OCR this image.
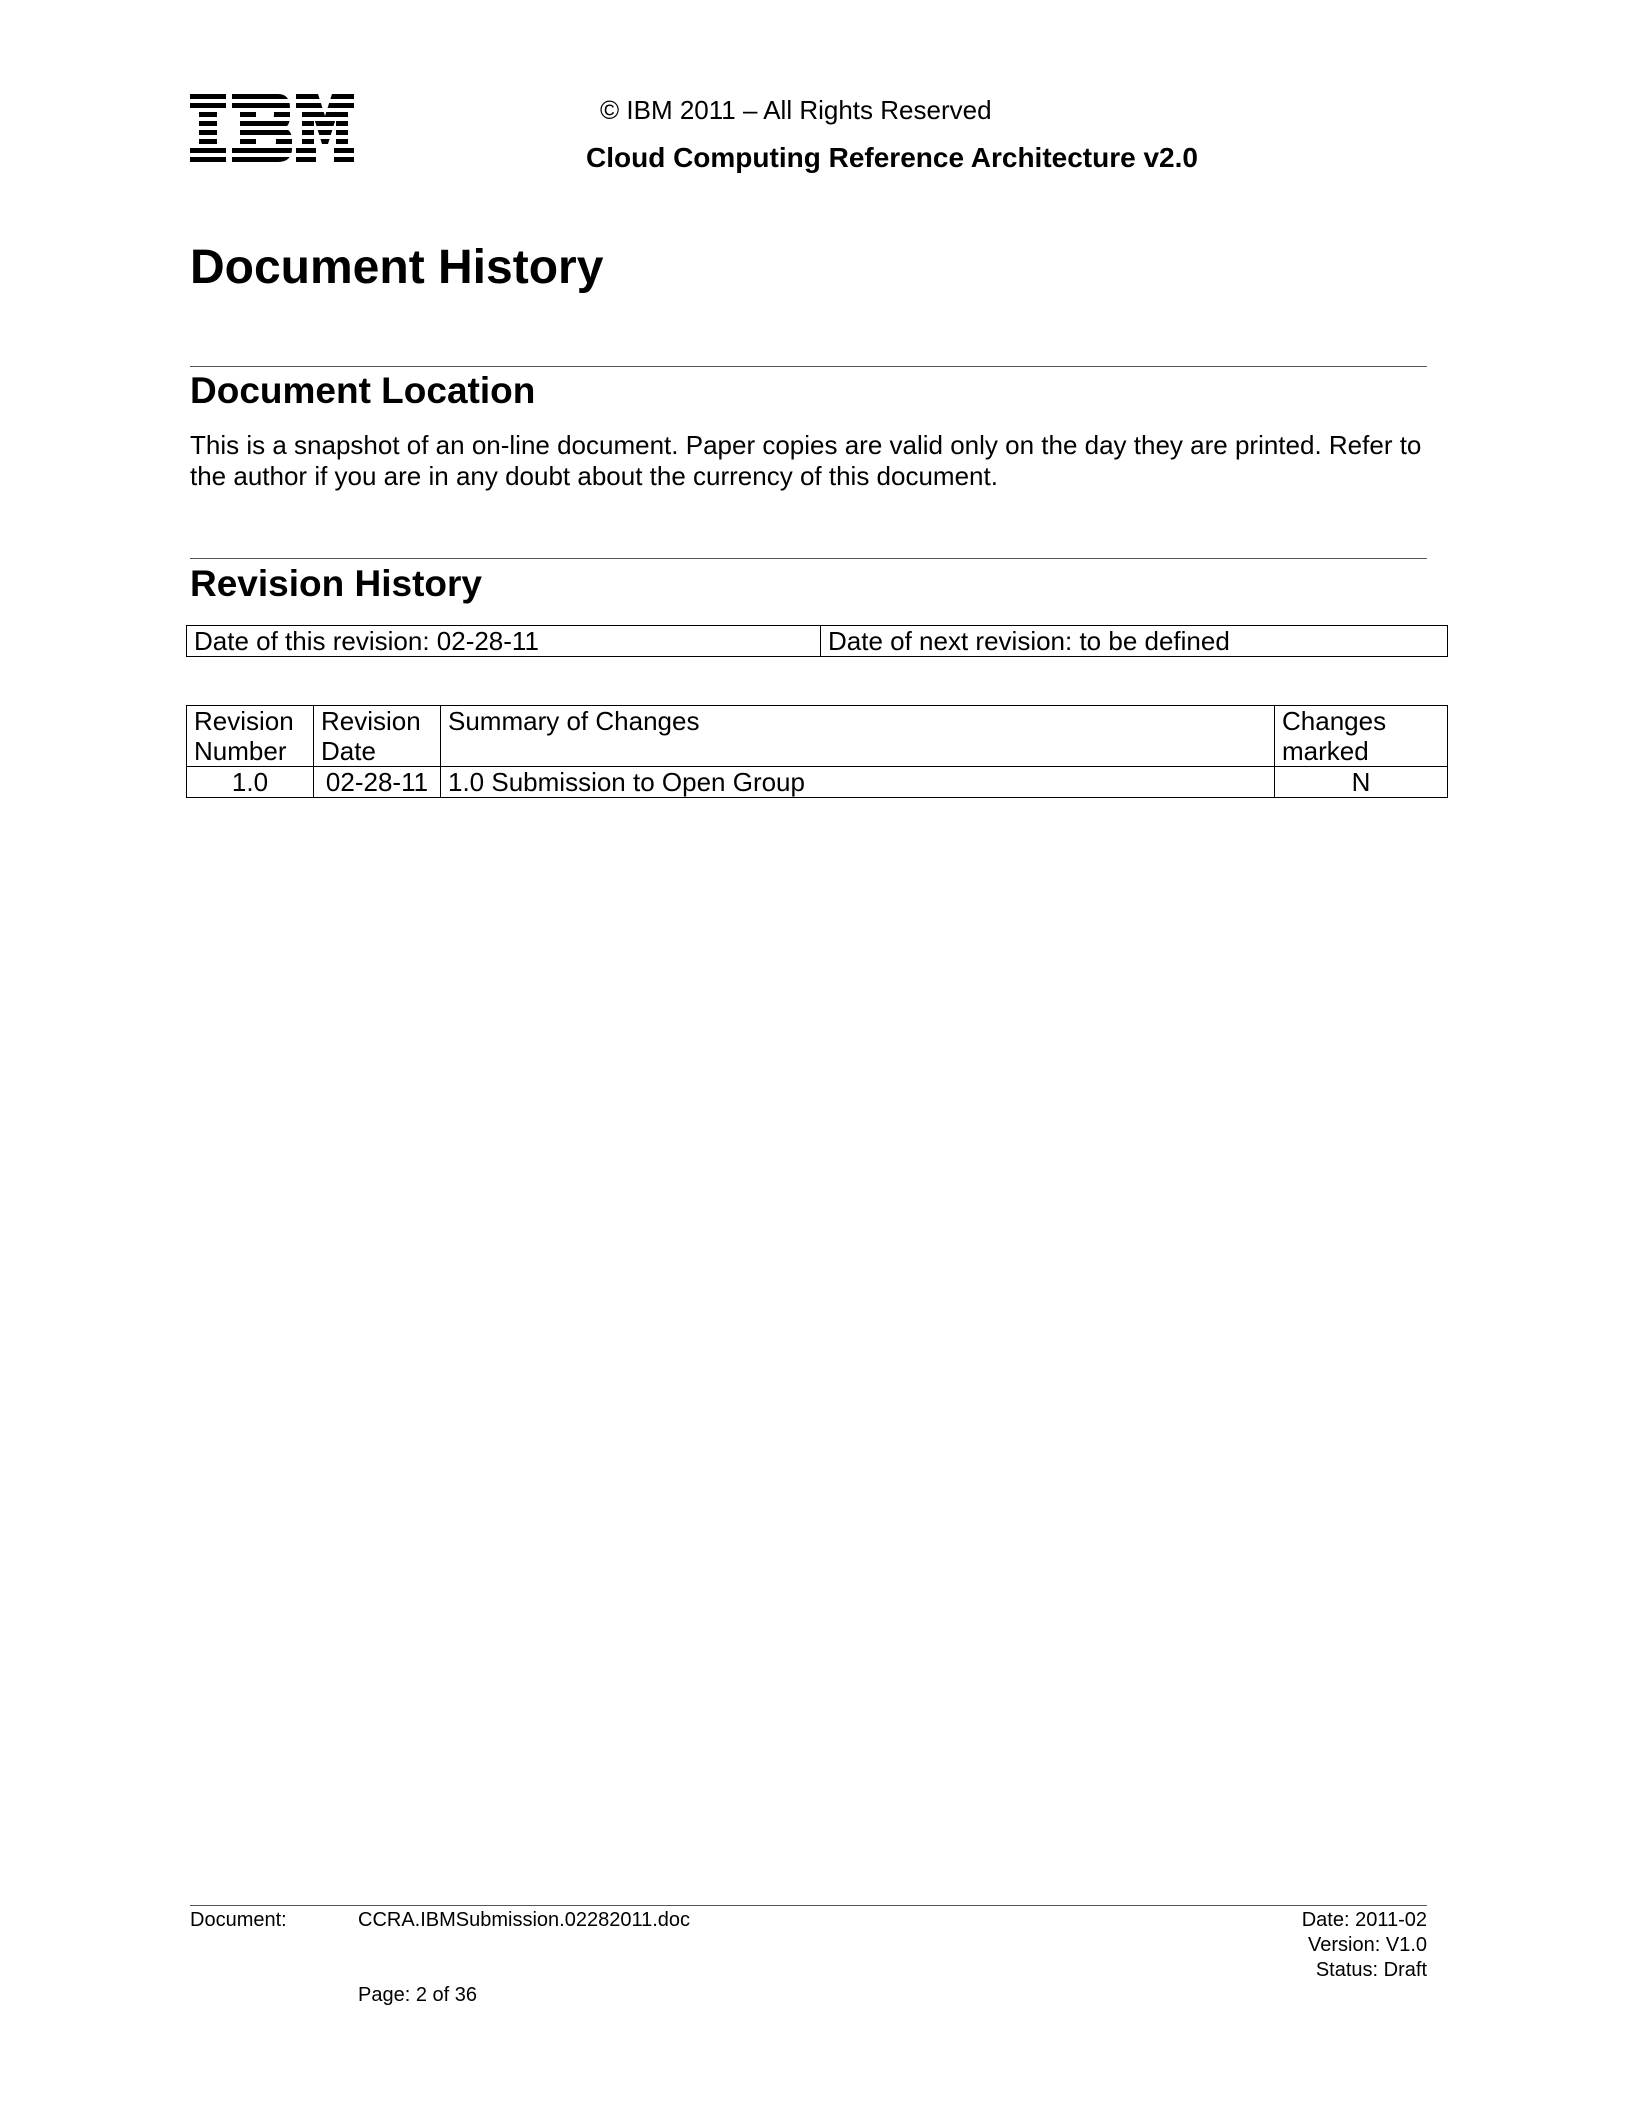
© IBM 2011 – All Rights Reserved
Cloud Computing Reference Architecture v2.0
Document History
Document Location
This is a snapshot of an on-line document. Paper copies are valid only on the day they are printed. Refer to the author if you are in any doubt about the currency of this document.
Revision History
Date of this revision: 02-28-11	Date of next revision: to be defined
Revision Number	Revision Date	Summary of Changes	Changes marked
1.0	02-28-11	1.0 Submission to Open Group	N
Document:	CCRA.IBMSubmission.02282011.doc	Date: 2011-02
Version: V1.0
Status: Draft
Page: 2 of 36
